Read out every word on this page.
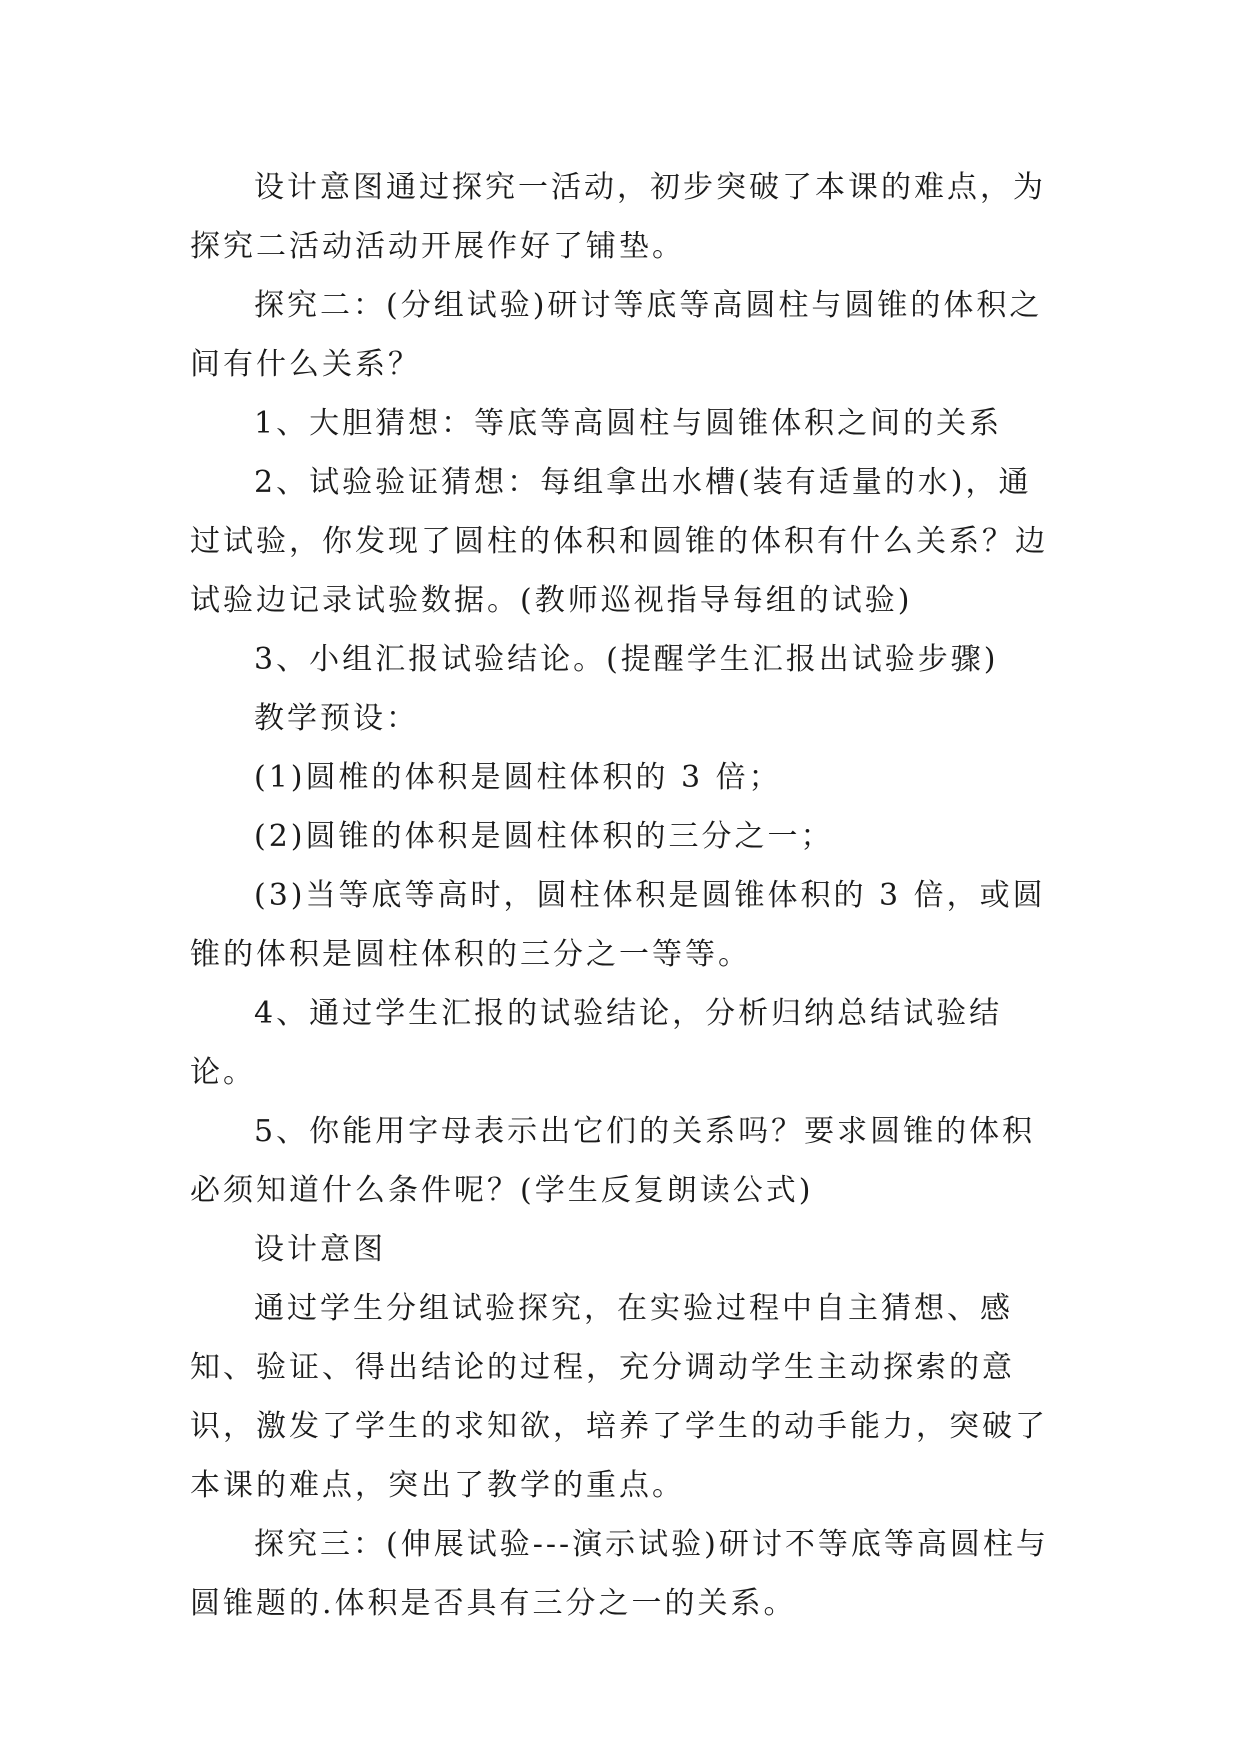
设计意图通过探究一活动，初步突破了本课的难点，为探究二活动活动开展作好了铺垫。

探究二：(分组试验)研讨等底等高圆柱与圆锥的体积之间有什么关系？

1、大胆猜想：等底等高圆柱与圆锥体积之间的关系

2、试验验证猜想：每组拿出水槽(装有适量的水)，通过试验，你发现了圆柱的体积和圆锥的体积有什么关系？边试验边记录试验数据。(教师巡视指导每组的试验)

3、小组汇报试验结论。(提醒学生汇报出试验步骤)

教学预设：

(1)圆椎的体积是圆柱体积的 3 倍；

(2)圆锥的体积是圆柱体积的三分之一；

(3)当等底等高时，圆柱体积是圆锥体积的 3 倍，或圆锥的体积是圆柱体积的三分之一等等。

4、通过学生汇报的试验结论，分析归纳总结试验结论。

5、你能用字母表示出它们的关系吗？要求圆锥的体积必须知道什么条件呢？(学生反复朗读公式)

设计意图

通过学生分组试验探究，在实验过程中自主猜想、感知、验证、得出结论的过程，充分调动学生主动探索的意识，激发了学生的求知欲，培养了学生的动手能力，突破了本课的难点，突出了教学的重点。

探究三：(伸展试验---演示试验)研讨不等底等高圆柱与圆锥题的.体积是否具有三分之一的关系。
